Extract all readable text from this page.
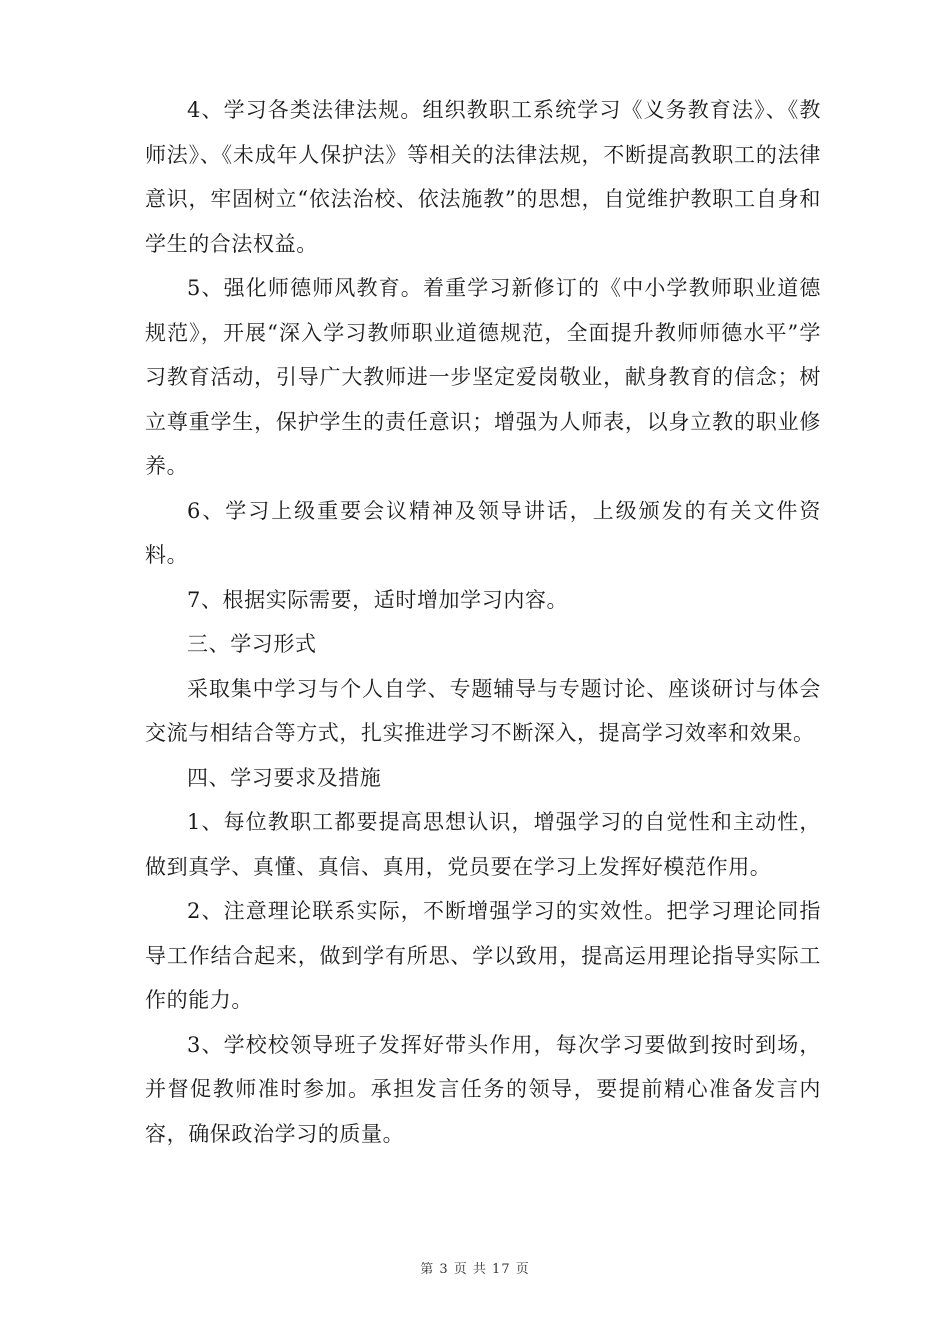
4、学习各类法律法规。组织教职工系统学习《义务教育法》、《教师法》、《未成年人保护法》等相关的法律法规，不断提高教职工的法律意识，牢固树立“依法治校、依法施教”的思想，自觉维护教职工自身和学生的合法权益。

5、强化师德师风教育。着重学习新修订的《中小学教师职业道德规范》，开展“深入学习教师职业道德规范，全面提升教师师德水平”学习教育活动，引导广大教师进一步坚定爱岗敬业，献身教育的信念；树立尊重学生，保护学生的责任意识；增强为人师表，以身立教的职业修养。

6、学习上级重要会议精神及领导讲话，上级颁发的有关文件资料。

7、根据实际需要，适时增加学习内容。

三、学习形式

采取集中学习与个人自学、专题辅导与专题讨论、座谈研讨与体会交流与相结合等方式，扎实推进学习不断深入，提高学习效率和效果。

四、学习要求及措施

1、每位教职工都要提高思想认识，增强学习的自觉性和主动性，做到真学、真懂、真信、真用，党员要在学习上发挥好模范作用。

2、注意理论联系实际，不断增强学习的实效性。把学习理论同指导工作结合起来，做到学有所思、学以致用，提高运用理论指导实际工作的能力。

3、学校校领导班子发挥好带头作用，每次学习要做到按时到场，并督促教师准时参加。承担发言任务的领导，要提前精心准备发言内容，确保政治学习的质量。

第 3 页 共 17 页
